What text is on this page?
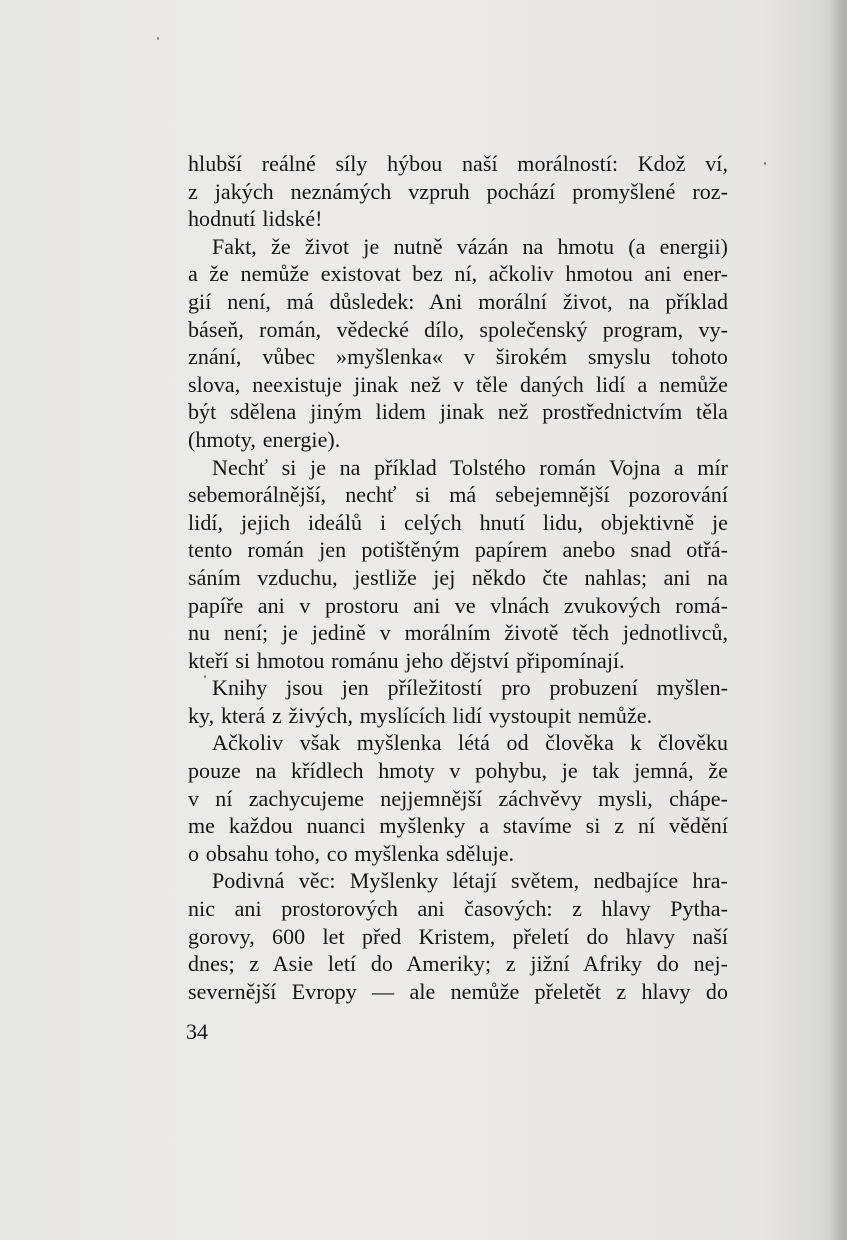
hlubší reálné síly hýbou naší morálností: Kdož ví,
z jakých neznámých vzpruh pochází promyšlené roz-
hodnutí lidské!
Fakt, že život je nutně vázán na hmotu (a energii)
a že nemůže existovat bez ní, ačkoliv hmotou ani ener-
gií není, má důsledek: Ani morální život, na příklad
báseň, román, vědecké dílo, společenský program, vy-
znání, vůbec »myšlenka« v širokém smyslu tohoto
slova, neexistuje jinak než v těle daných lidí a nemůže
být sdělena jiným lidem jinak než prostřednictvím těla
(hmoty, energie).
Nechť si je na příklad Tolstého román Vojna a mír
sebemorálnější, nechť si má sebejemnější pozorování
lidí, jejich ideálů i celých hnutí lidu, objektivně je
tento román jen potištěným papírem anebo snad otřá-
sáním vzduchu, jestliže jej někdo čte nahlas; ani na
papíře ani v prostoru ani ve vlnách zvukových romá-
nu není; je jedině v morálním životě těch jednotlivců,
kteří si hmotou románu jeho dějství připomínají.
Knihy jsou jen příležitostí pro probuzení myšlen-
ky, která z živých, myslících lidí vystoupit nemůže.
Ačkoliv však myšlenka létá od člověka k člověku
pouze na křídlech hmoty v pohybu, je tak jemná, že
v ní zachycujeme nejjemnější záchvěvy mysli, chápe-
me každou nuanci myšlenky a stavíme si z ní vědění
o obsahu toho, co myšlenka sděluje.
Podivná věc: Myšlenky létají světem, nedbajíce hra-
nic ani prostorových ani časových: z hlavy Pytha-
gorovy, 600 let před Kristem, přeletí do hlavy naší
dnes; z Asie letí do Ameriky; z jižní Afriky do nej-
severnější Evropy — ale nemůže přeletět z hlavy do
34
